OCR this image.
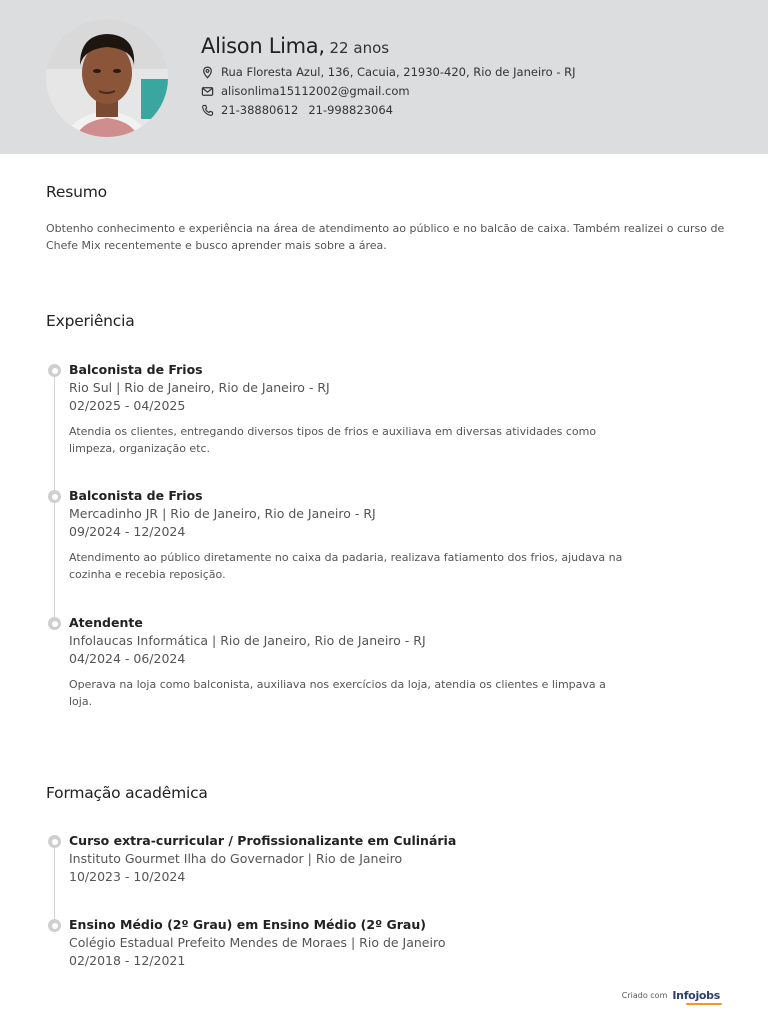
Alison Lima, 22 anos
Rua Floresta Azul, 136, Cacuia, 21930-420, Rio de Janeiro - RJ
alisonlima15112002@gmail.com
21-38880612 21-998823064
Resumo
Obtenho conhecimento e experiência na área de atendimento ao público e no balcão de caixa. Também realizei o curso de Chefe Mix recentemente e busco aprender mais sobre a área.
Experiência
Balconista de Frios
Rio Sul | Rio de Janeiro, Rio de Janeiro - RJ
02/2025 - 04/2025
Atendia os clientes, entregando diversos tipos de frios e auxiliava em diversas atividades como limpeza, organização etc.
Balconista de Frios
Mercadinho JR | Rio de Janeiro, Rio de Janeiro - RJ
09/2024 - 12/2024
Atendimento ao público diretamente no caixa da padaria, realizava fatiamento dos frios, ajudava na cozinha e recebia reposição.
Atendente
Infolaucas Informática | Rio de Janeiro, Rio de Janeiro - RJ
04/2024 - 06/2024
Operava na loja como balconista, auxiliava nos exercícios da loja, atendia os clientes e limpava a loja.
Formação acadêmica
Curso extra-curricular / Profissionalizante em Culinária
Instituto Gourmet Ilha do Governador | Rio de Janeiro
10/2023 - 10/2024
Ensino Médio (2º Grau) em Ensino Médio (2º Grau)
Colégio Estadual Prefeito Mendes de Moraes | Rio de Janeiro
02/2018 - 12/2021
Criado com Infojobs
